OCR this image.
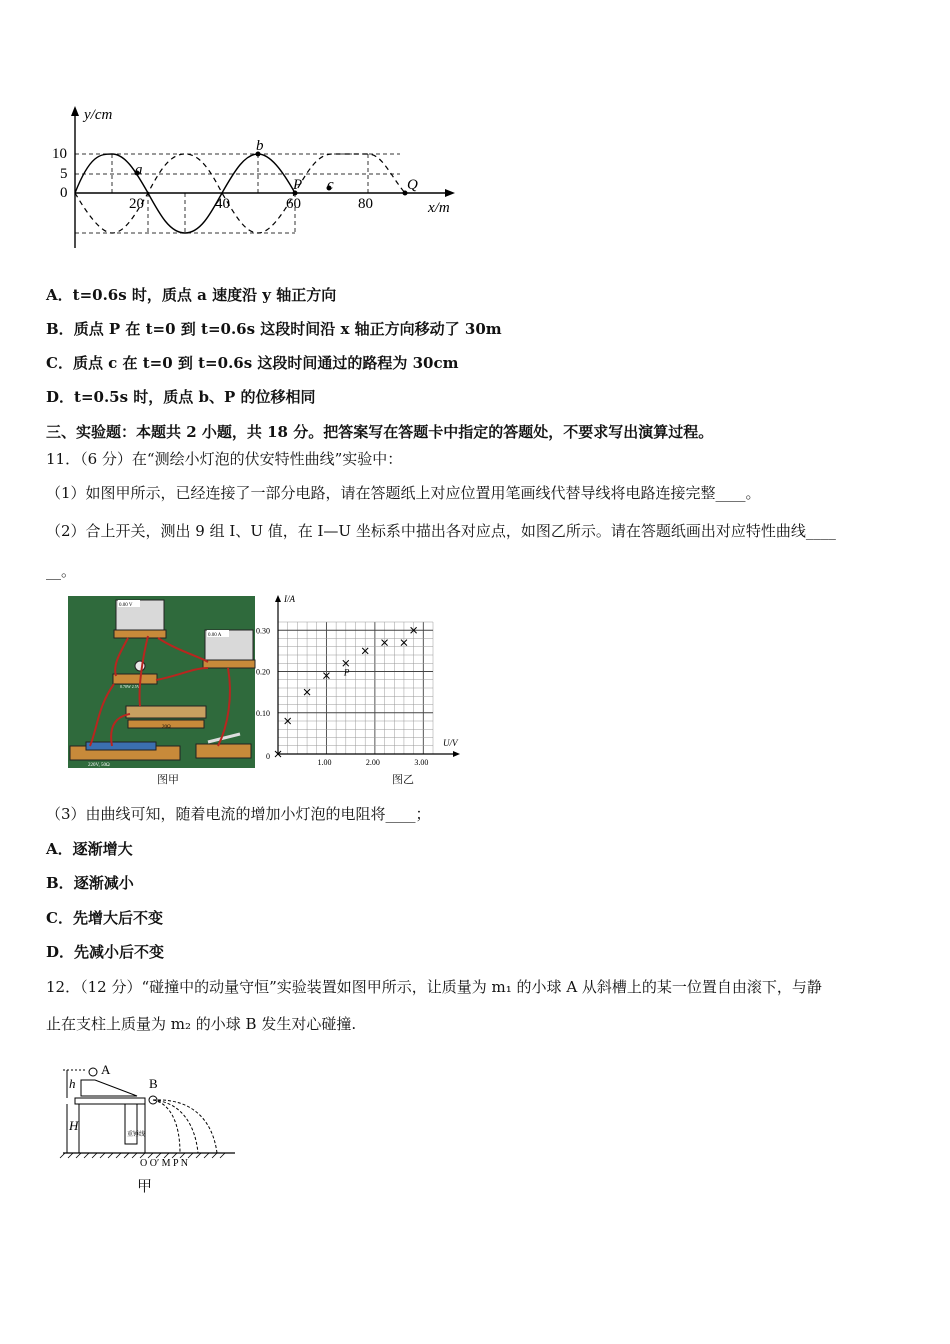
y/cm
x/m
10
5
0
20	40	60	80
a
b
P c	Q
A．t=0.6s 时，质点 a 速度沿 y 轴正方向
B．质点 P 在 t=0 到 t=0.6s 这段时间沿 x 轴正方向移动了 30m
C．质点 c 在 t=0 到 t=0.6s 这段时间通过的路程为 30cm
D．t=0.5s 时，质点 b、P 的位移相同
三、实验题：本题共 2 小题，共 18 分。把答案写在答题卡中指定的答题处，不要求写出演算过程。
11．（6 分）在“测绘小灯泡的伏安特性曲线”实验中：
（1）如图甲所示，已经连接了一部分电路，请在答题纸上对应位置用笔画线代替导线将电路连接完整____。
（2）合上开关，测出 9 组 I、U 值，在 I—U 坐标系中描出各对应点，如图乙所示。请在答题纸画出对应特性曲线____
__。
0.00 V
0.00 A
0.70W 2.5V
20Ω
220V, 50Ω
图甲
I/A
U/V
0
1.00	2.00	3.00
0.10
0.20
0.30
P
图乙
（3）由曲线可知，随着电流的增加小灯泡的电阻将____；
A．逐渐增大
B．逐渐减小
C．先增大后不变
D．先减小后不变
12．（12 分）“碰撞中的动量守恒”实验装置如图甲所示，让质量为 m₁ 的小球 A 从斜槽上的某一位置自由滚下，与静
止在支柱上质量为 m₂ 的小球 B 发生对心碰撞.
h
H
A
B
O O′ M P N
重锤线
甲
